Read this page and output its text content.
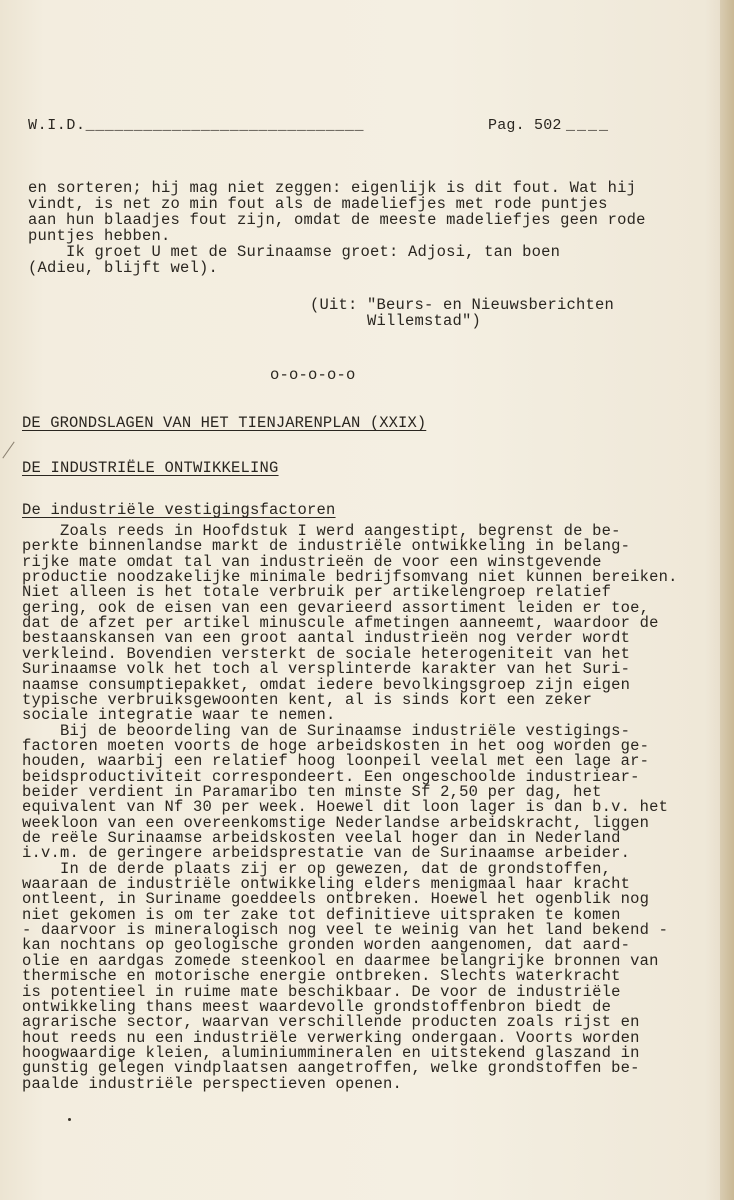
W.I.D._____________________________	Pag. 502 ____
en sorteren; hij mag niet zeggen: eigenlijk is dit fout. Wat hij
vindt, is net zo min fout als de madeliefjes met rode puntjes
aan hun blaadjes fout zijn, omdat de meeste madeliefjes geen rode
puntjes hebben.
Ik groet U met de Surinaamse groet: Adjosi, tan boen
(Adieu, blijft wel).
(Uit: "Beurs- en Nieuwsberichten
Willemstad")
o-o-o-o-o
DE GRONDSLAGEN VAN HET TIENJARENPLAN (XXIX)
DE INDUSTRIËLE ONTWIKKELING
De industriële vestigingsfactoren
Zoals reeds in Hoofdstuk I werd aangestipt, begrenst de be-
perkte binnenlandse markt de industriële ontwikkeling in belang-
rijke mate omdat tal van industrieën de voor een winstgevende
productie noodzakelijke minimale bedrijfsomvang niet kunnen bereiken.
Niet alleen is het totale verbruik per artikelengroep relatief
gering, ook de eisen van een gevarieerd assortiment leiden er toe,
dat de afzet per artikel minuscule afmetingen aanneemt, waardoor de
bestaanskansen van een groot aantal industrieën nog verder wordt
verkleind. Bovendien versterkt de sociale heterogeniteit van het
Surinaamse volk het toch al versplinterde karakter van het Suri-
naamse consumptiepakket, omdat iedere bevolkingsgroep zijn eigen
typische verbruiksgewoonten kent, al is sinds kort een zeker
sociale integratie waar te nemen.
Bij de beoordeling van de Surinaamse industriële vestigings-
factoren moeten voorts de hoge arbeidskosten in het oog worden ge-
houden, waarbij een relatief hoog loonpeil veelal met een lage ar-
beidsproductiviteit correspondeert. Een ongeschoolde industriear-
beider verdient in Paramaribo ten minste Sf 2,50 per dag, het
equivalent van Nf 30 per week. Hoewel dit loon lager is dan b.v. het
weekloon van een overeenkomstige Nederlandse arbeidskracht, liggen
de reële Surinaamse arbeidskosten veelal hoger dan in Nederland
i.v.m. de geringere arbeidsprestatie van de Surinaamse arbeider.
In de derde plaats zij er op gewezen, dat de grondstoffen,
waaraan de industriële ontwikkeling elders menigmaal haar kracht
ontleent, in Suriname goeddeels ontbreken. Hoewel het ogenblik nog
niet gekomen is om ter zake tot definitieve uitspraken te komen
- daarvoor is mineralogisch nog veel te weinig van het land bekend -
kan nochtans op geologische gronden worden aangenomen, dat aard-
olie en aardgas zomede steenkool en daarmee belangrijke bronnen van
thermische en motorische energie ontbreken. Slechts waterkracht
is potentieel in ruime mate beschikbaar. De voor de industriële
ontwikkeling thans meest waardevolle grondstoffenbron biedt de
agrarische sector, waarvan verschillende producten zoals rijst en
hout reeds nu een industriële verwerking ondergaan. Voorts worden
hoogwaardige kleien, aluminiummineralen en uitstekend glaszand in
gunstig gelegen vindplaatsen aangetroffen, welke grondstoffen be-
paalde industriële perspectieven openen.
